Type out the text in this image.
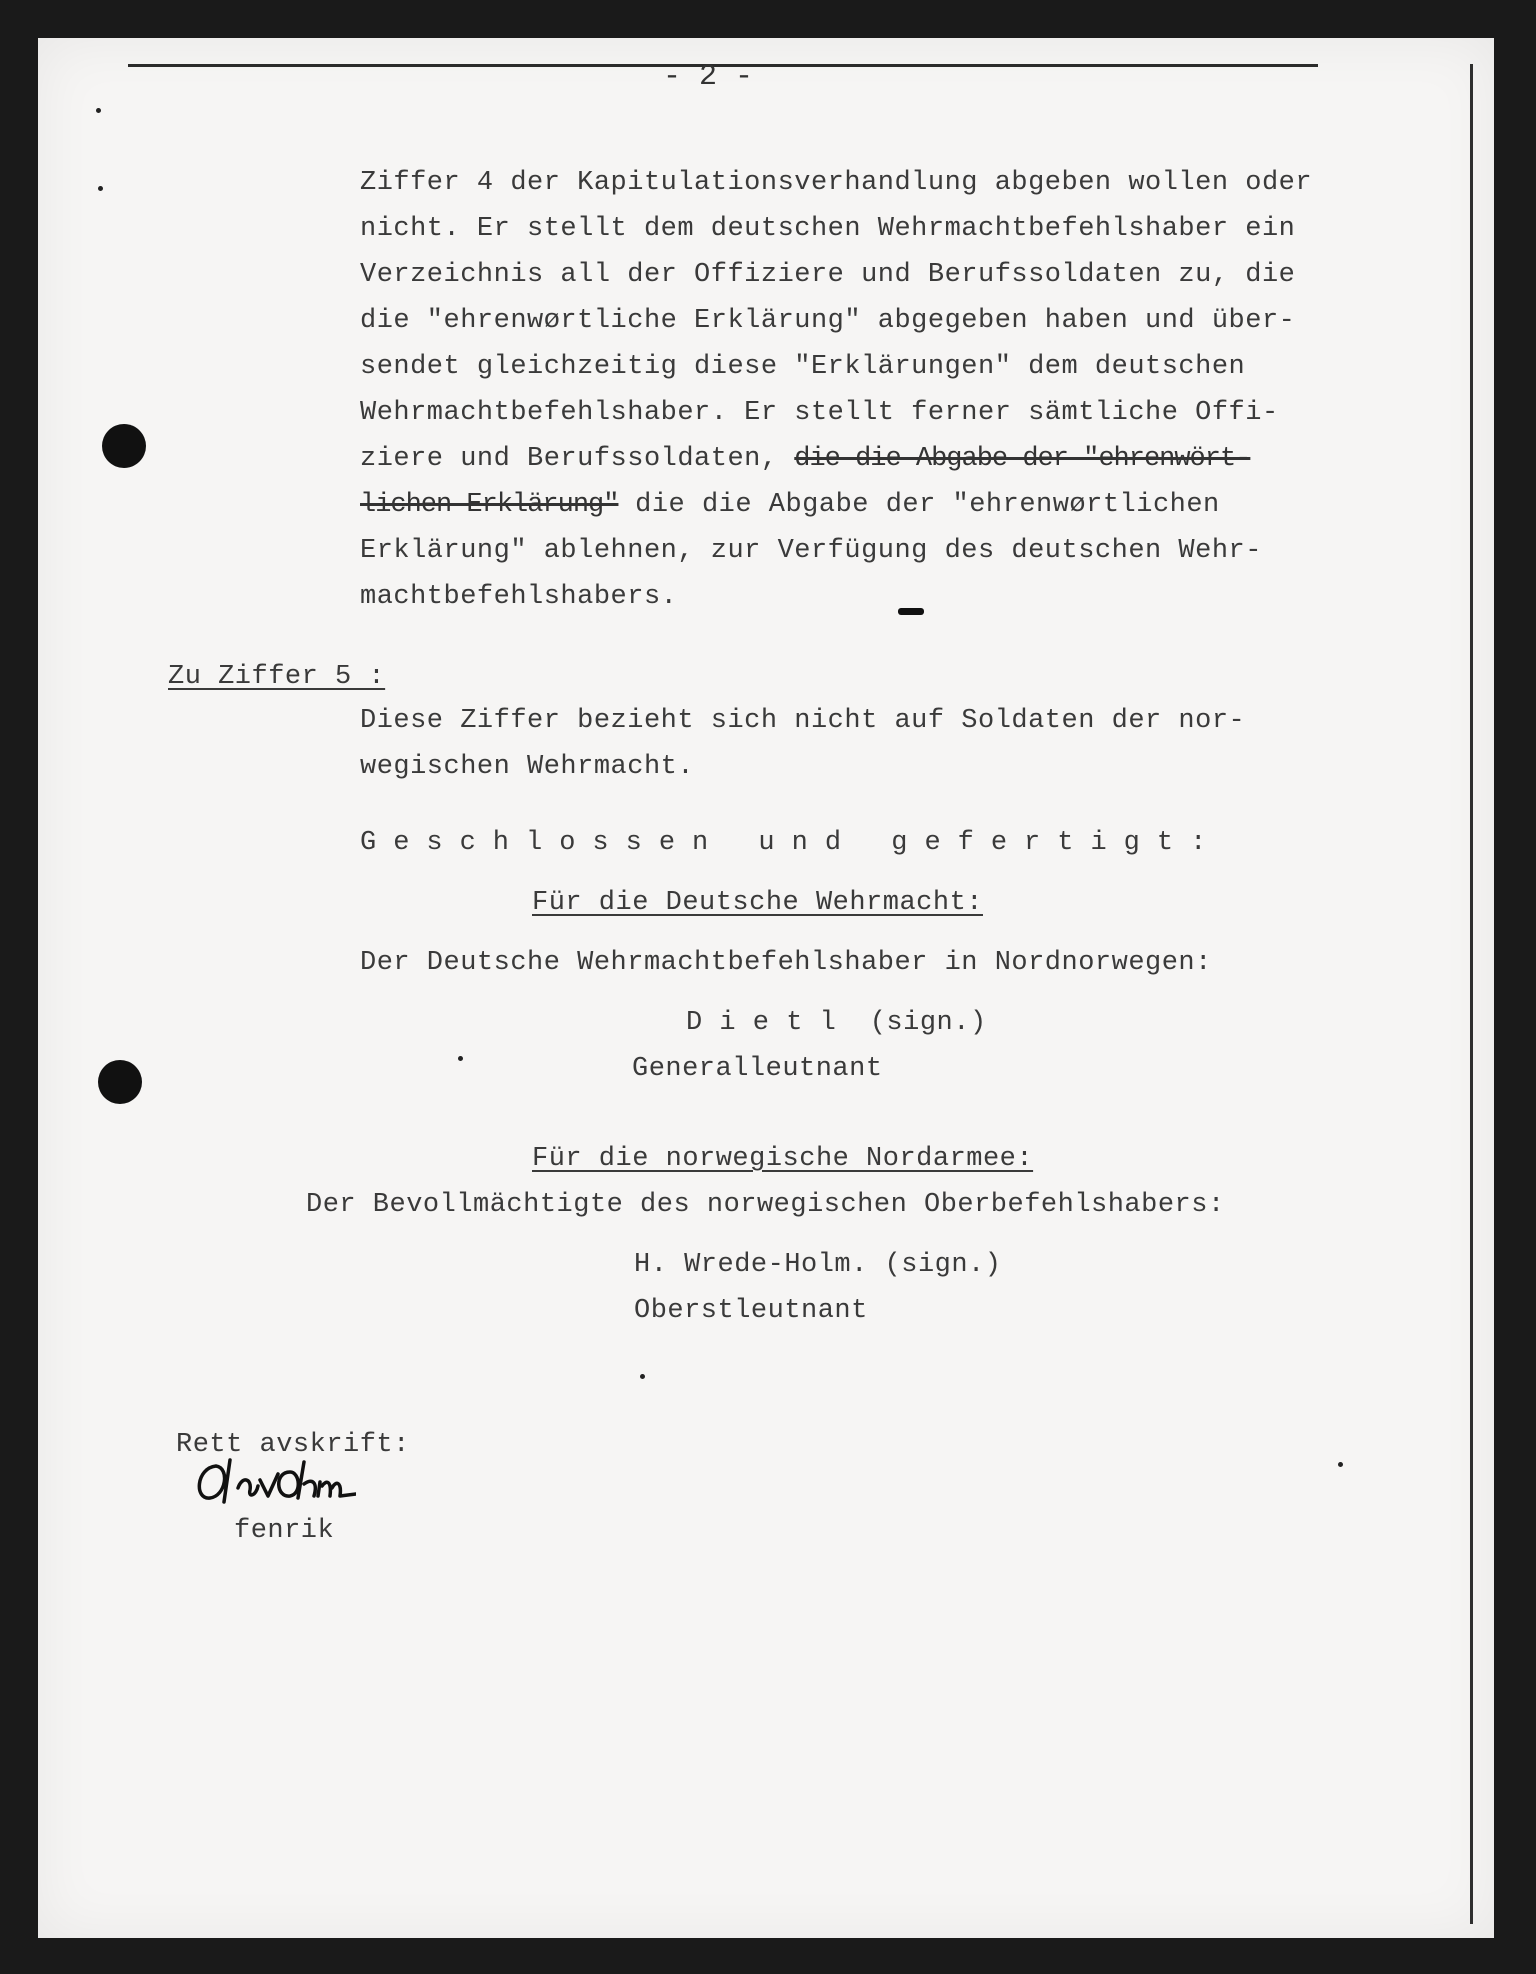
- 2 -

Ziffer 4 der Kapitulationsverhandlung abgeben wollen oder

nicht. Er stellt dem deutschen Wehrmachtbefehlshaber ein

Verzeichnis all der Offiziere und Berufssoldaten zu, die

die "ehrenwørtliche Erklärung" abgegeben haben und über-

sendet gleichzeitig diese "Erklärungen" dem deutschen

Wehrmachtbefehlshaber. Er stellt ferner sämtliche Offi-

ziere und Berufssoldaten, die die Abgabe der "ehrenwört-

lichen Erklärung" die die Abgabe der "ehrenwørtlichen

Erklärung" ablehnen, zur Verfügung des deutschen Wehr-

machtbefehlshabers.

Zu Ziffer 5 :
Diese Ziffer bezieht sich nicht auf Soldaten der nor-
wegischen Wehrmacht.
Geschlossen und gefertigt:
Für die Deutsche Wehrmacht:
Der Deutsche Wehrmachtbefehlshaber in Nordnorwegen:
D i e t l  (sign.)
Generalleutnant
Für die norwegische Nordarmee:
Der Bevollmächtigte des norwegischen Oberbefehlshabers:
H. Wrede-Holm. (sign.)
Oberstleutnant
Rett avskrift:
fenrik
